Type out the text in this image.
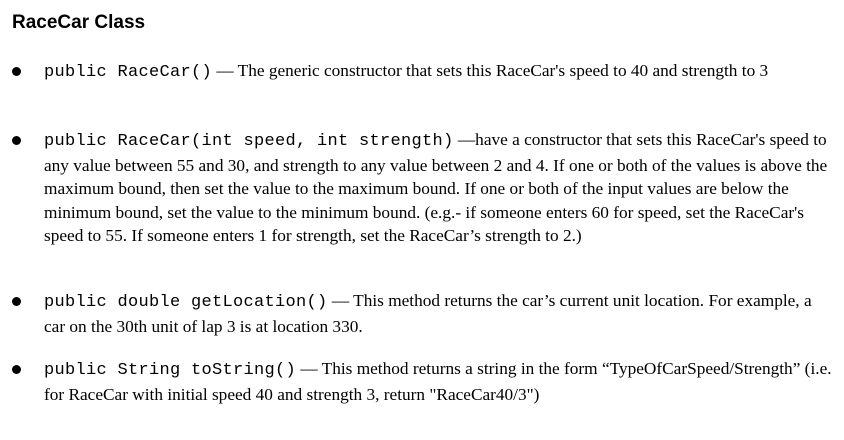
RaceCar Class

public RaceCar() — The generic constructor that sets this RaceCar's speed to 40 and strength to 3

public RaceCar(int speed, int strength) —have a constructor that sets this RaceCar's speed to any value between 55 and 30, and strength to any value between 2 and 4. If one or both of the values is above the maximum bound, then set the value to the maximum bound. If one or both of the input values are below the minimum bound, set the value to the minimum bound. (e.g.- if someone enters 60 for speed, set the RaceCar's speed to 55. If someone enters 1 for strength, set the RaceCar’s strength to 2.)

public double getLocation() — This method returns the car’s current unit location. For example, a car on the 30th unit of lap 3 is at location 330.

public String toString() — This method returns a string in the form “TypeOfCarSpeed/Strength” (i.e. for RaceCar with initial speed 40 and strength 3, return "RaceCar40/3")
